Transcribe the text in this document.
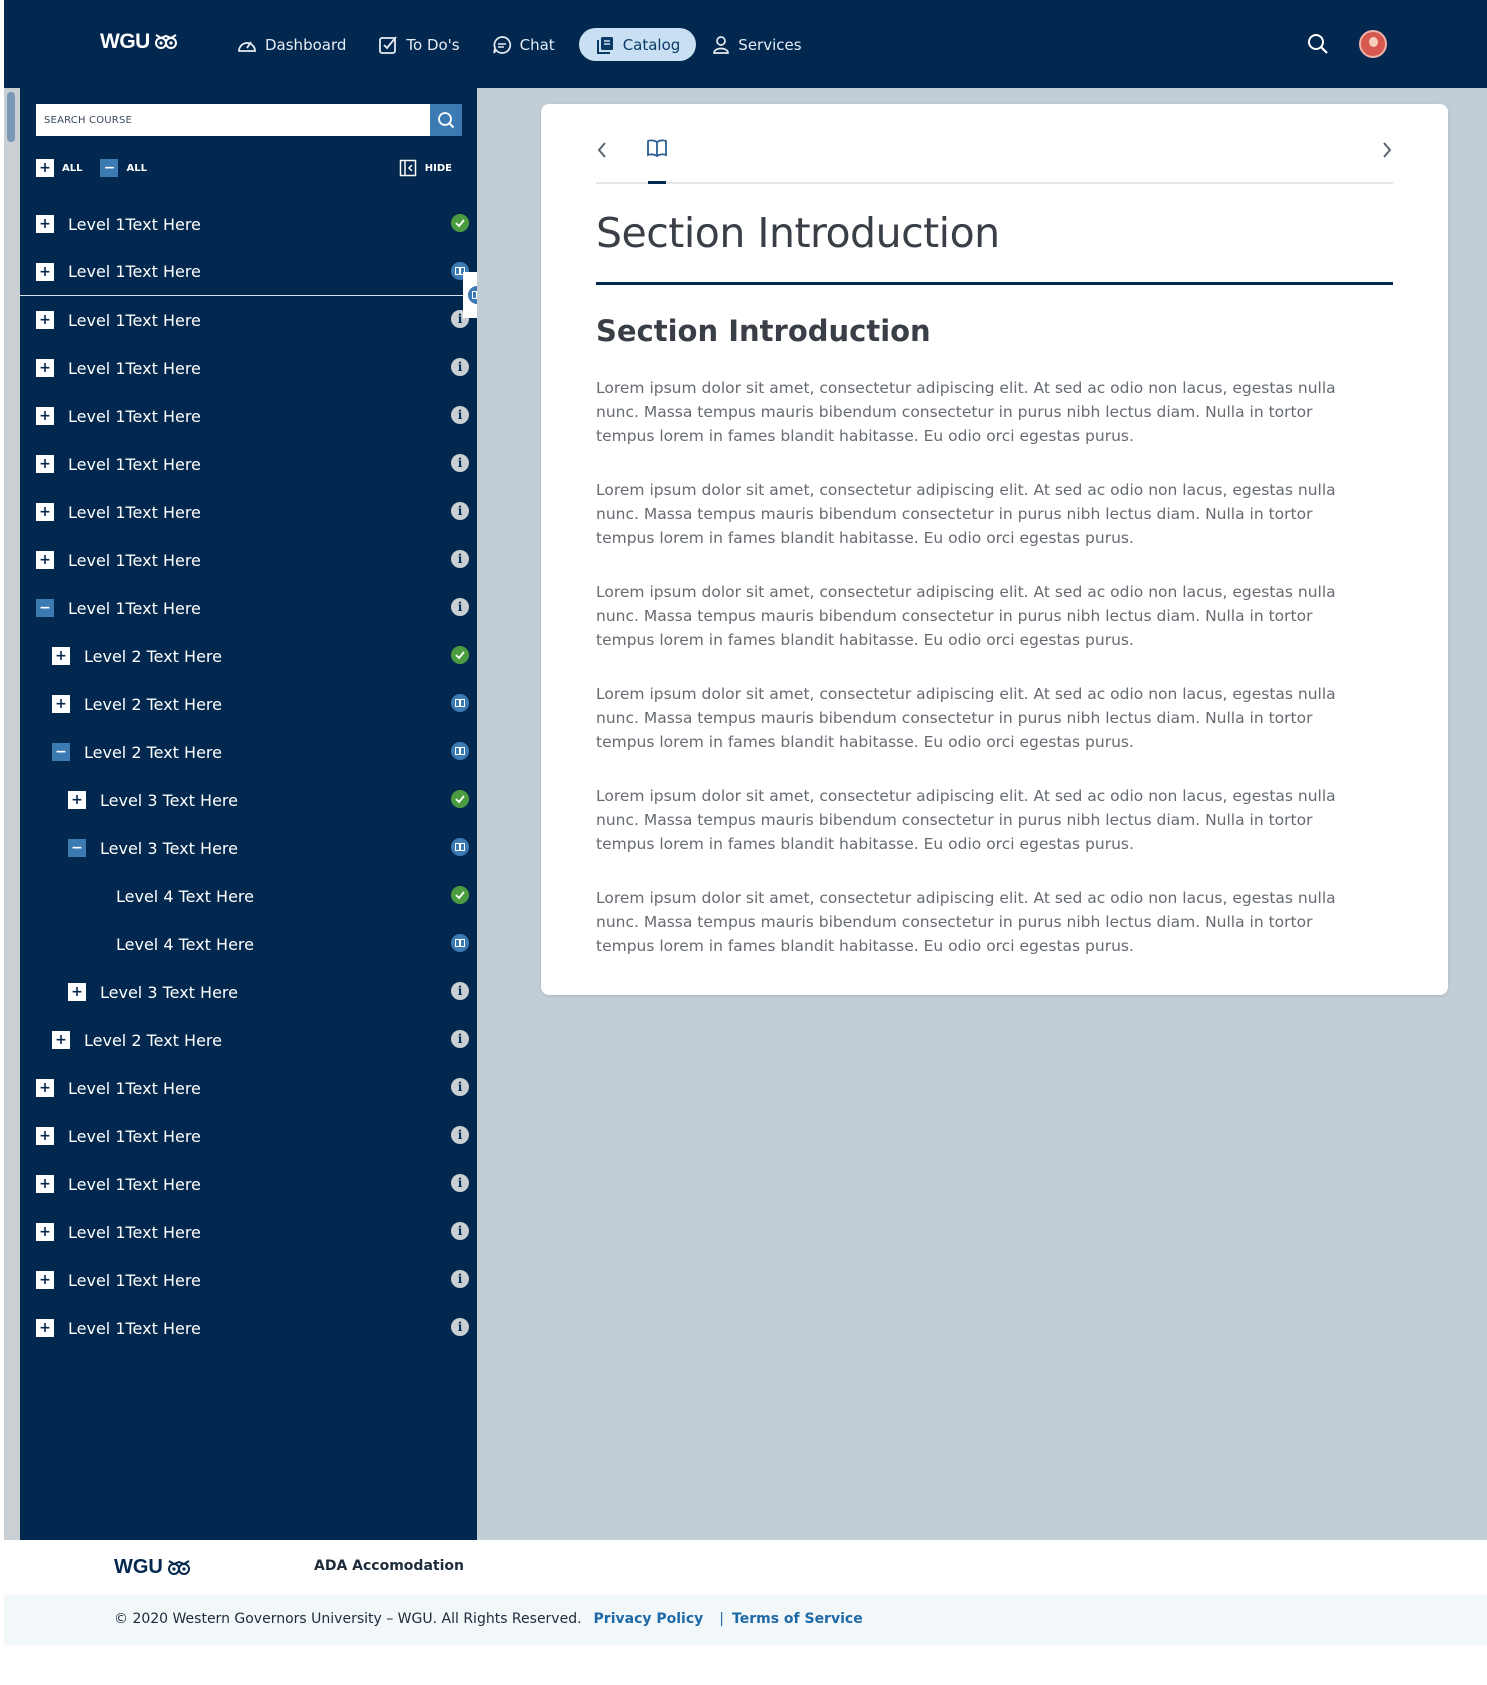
WGU	Dashboard	To Do's	Chat	Catalog	Services
SEARCH COURSE
+	ALL −	ALL	HIDE
+ Level 1Text Here
+ Level 1Text Here
+ Level 1Text Here	i
+ Level 1Text Here	i
+ Level 1Text Here	i
+ Level 1Text Here	i
+ Level 1Text Here	i
+ Level 1Text Here	i
− Level 1Text Here	i
+ Level 2 Text Here
+ Level 2 Text Here
− Level 2 Text Here
+ Level 3 Text Here
− Level 3 Text Here
Level 4 Text Here
Level 4 Text Here
+ Level 3 Text Here	i
+ Level 2 Text Here	i
+ Level 1Text Here	i
+ Level 1Text Here	i
+ Level 1Text Here	i
+ Level 1Text Here	i
+ Level 1Text Here	i
+ Level 1Text Here	i
Section Introduction
Section Introduction

Lorem ipsum dolor sit amet, consectetur adipiscing elit. At sed ac odio non lacus, egestas nulla nunc. Massa tempus mauris bibendum consectetur in purus nibh lectus diam. Nulla in tortor tempus lorem in fames blandit habitasse. Eu odio orci egestas purus.

Lorem ipsum dolor sit amet, consectetur adipiscing elit. At sed ac odio non lacus, egestas nulla nunc. Massa tempus mauris bibendum consectetur in purus nibh lectus diam. Nulla in tortor tempus lorem in fames blandit habitasse. Eu odio orci egestas purus.

Lorem ipsum dolor sit amet, consectetur adipiscing elit. At sed ac odio non lacus, egestas nulla nunc. Massa tempus mauris bibendum consectetur in purus nibh lectus diam. Nulla in tortor tempus lorem in fames blandit habitasse. Eu odio orci egestas purus.

Lorem ipsum dolor sit amet, consectetur adipiscing elit. At sed ac odio non lacus, egestas nulla nunc. Massa tempus mauris bibendum consectetur in purus nibh lectus diam. Nulla in tortor tempus lorem in fames blandit habitasse. Eu odio orci egestas purus.

Lorem ipsum dolor sit amet, consectetur adipiscing elit. At sed ac odio non lacus, egestas nulla nunc. Massa tempus mauris bibendum consectetur in purus nibh lectus diam. Nulla in tortor tempus lorem in fames blandit habitasse. Eu odio orci egestas purus.

Lorem ipsum dolor sit amet, consectetur adipiscing elit. At sed ac odio non lacus, egestas nulla nunc. Massa tempus mauris bibendum consectetur in purus nibh lectus diam. Nulla in tortor tempus lorem in fames blandit habitasse. Eu odio orci egestas purus.

WGU	ADA Accomodation
© 2020 Western Governors University – WGU. All Rights Reserved. Privacy Policy | Terms of Service
